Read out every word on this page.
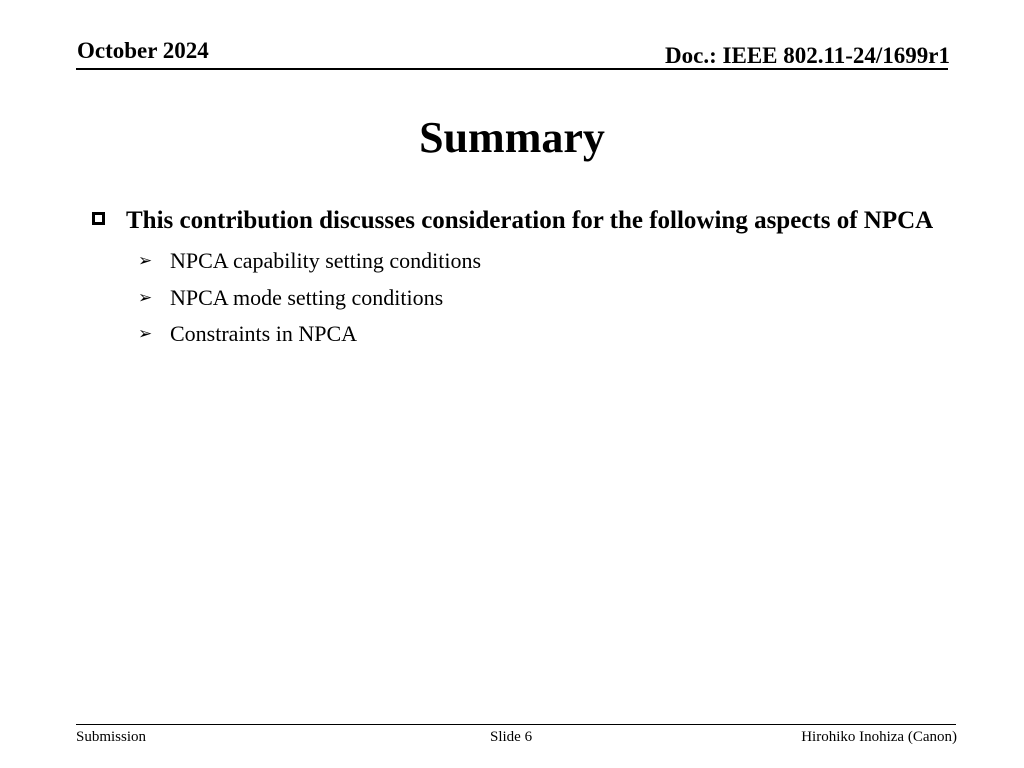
October 2024	Doc.: IEEE 802.11-24/1699r1
Summary
This contribution discusses consideration for the following aspects of NPCA
➢ NPCA capability setting conditions
➢ NPCA mode setting conditions
➢ Constraints in NPCA
Submission	Slide 6	Hirohiko Inohiza (Canon)
